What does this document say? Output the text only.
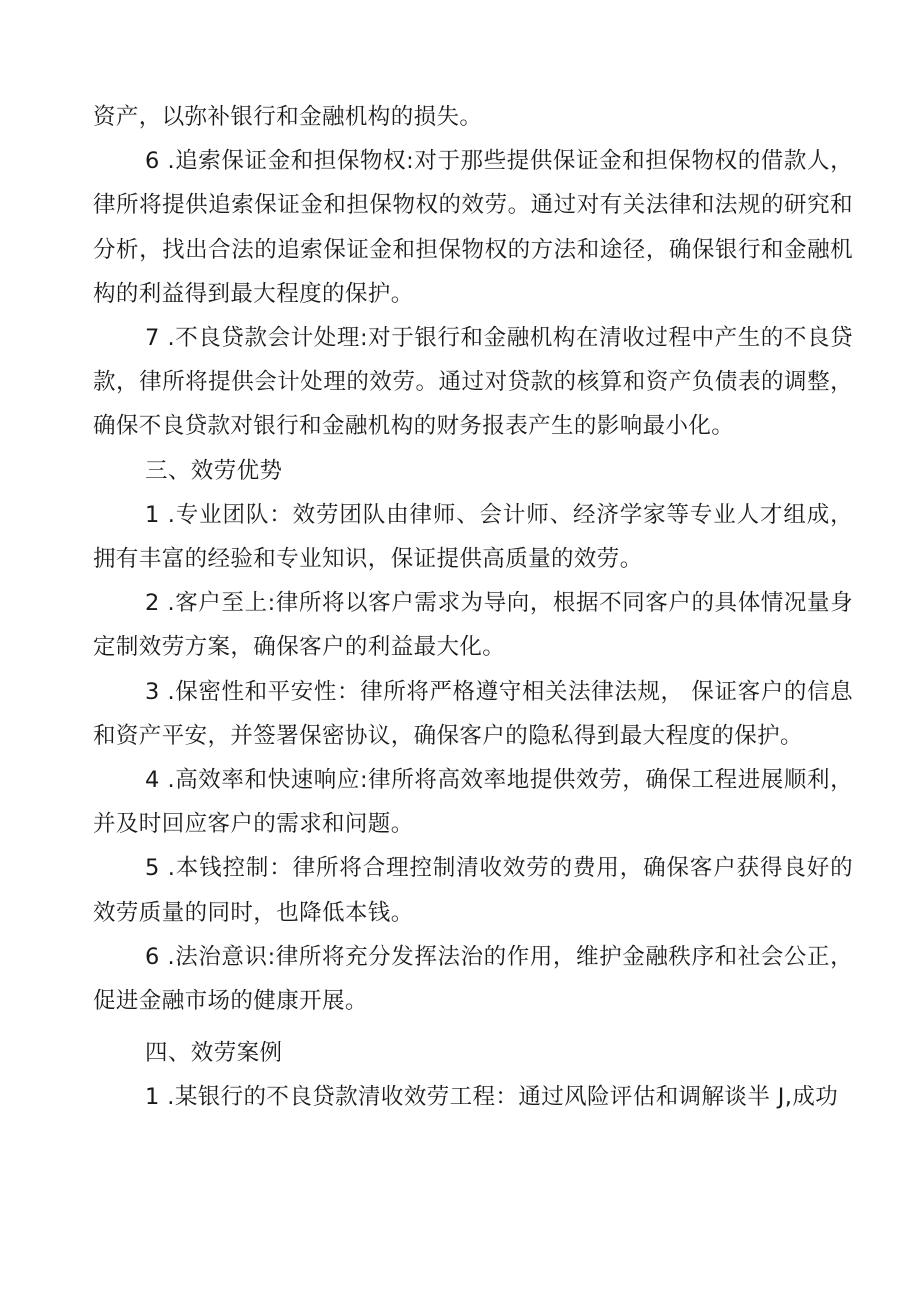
资产，以弥补银行和金融机构的损失。

6 .追索保证金和担保物权:对于那些提供保证金和担保物权的借款人，律所将提供追索保证金和担保物权的效劳。通过对有关法律和法规的研究和分析，找出合法的追索保证金和担保物权的方法和途径，确保银行和金融机构的利益得到最大程度的保护。

7 .不良贷款会计处理:对于银行和金融机构在清收过程中产生的不良贷款，律所将提供会计处理的效劳。通过对贷款的核算和资产负债表的调整，确保不良贷款对银行和金融机构的财务报表产生的影响最小化。

三、效劳优势

1 .专业团队：效劳团队由律师、会计师、经济学家等专业人才组成，拥有丰富的经验和专业知识，保证提供高质量的效劳。

2 .客户至上:律所将以客户需求为导向，根据不同客户的具体情况量身定制效劳方案，确保客户的利益最大化。

3 .保密性和平安性：律所将严格遵守相关法律法规， 保证客户的信息和资产平安，并签署保密协议，确保客户的隐私得到最大程度的保护。

4 .高效率和快速响应:律所将高效率地提供效劳，确保工程进展顺利，并及时回应客户的需求和问题。

5 .本钱控制：律所将合理控制清收效劳的费用，确保客户获得良好的效劳质量的同时，也降低本钱。

6 .法治意识:律所将充分发挥法治的作用，维护金融秩序和社会公正，促进金融市场的健康开展。

四、效劳案例

1 .某银行的不良贷款清收效劳工程：通过风险评估和调解谈半 J,成功
